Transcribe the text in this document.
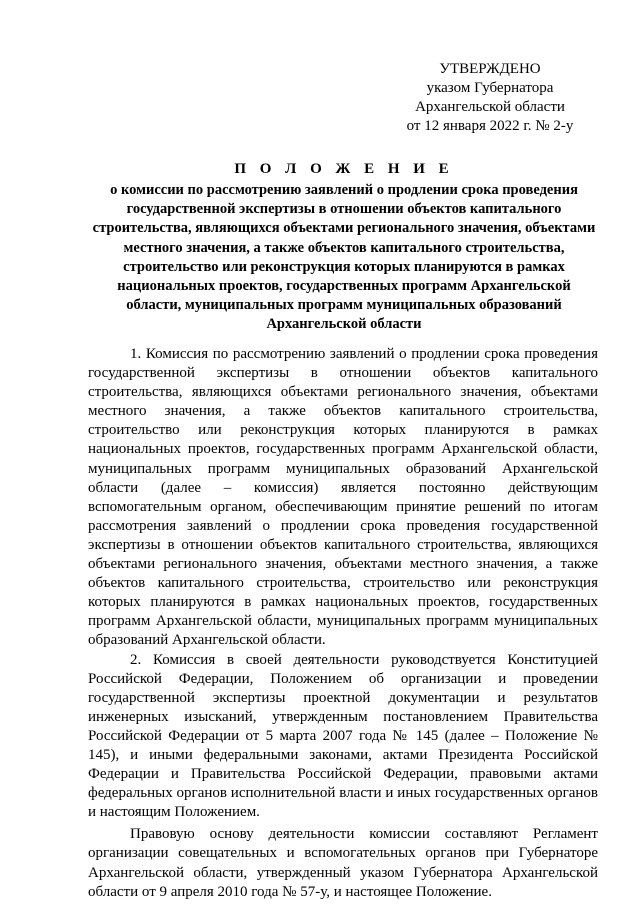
УТВЕРЖДЕНО
указом Губернатора
Архангельской области
от 12 января 2022 г. № 2-у
П О Л О Ж Е Н И Е
о комиссии по рассмотрению заявлений о продлении срока проведения государственной экспертизы в отношении объектов капитального строительства, являющихся объектами регионального значения, объектами местного значения, а также объектов капитального строительства, строительство или реконструкция которых планируются в рамках национальных проектов, государственных программ Архангельской области, муниципальных программ муниципальных образований Архангельской области

1. Комиссия по рассмотрению заявлений о продлении срока проведения государственной экспертизы в отношении объектов капитального строительства, являющихся объектами регионального значения, объектами местного значения, а также объектов капитального строительства, строительство или реконструкция которых планируются в рамках национальных проектов, государственных программ Архангельской области, муниципальных программ муниципальных образований Архангельской области (далее – комиссия) является постоянно действующим вспомогательным органом, обеспечивающим принятие решений по итогам рассмотрения заявлений о продлении срока проведения государственной экспертизы в отношении объектов капитального строительства, являющихся объектами регионального значения, объектами местного значения, а также объектов капитального строительства, строительство или реконструкция которых планируются в рамках национальных проектов, государственных программ Архангельской области, муниципальных программ муниципальных образований Архангельской области.

2. Комиссия в своей деятельности руководствуется Конституцией Российской Федерации, Положением об организации и проведении государственной экспертизы проектной документации и результатов инженерных изысканий, утвержденным постановлением Правительства Российской Федерации от 5 марта 2007 года № 145 (далее – Положение № 145), и иными федеральными законами, актами Президента Российской Федерации и Правительства Российской Федерации, правовыми актами федеральных органов исполнительной власти и иных государственных органов и настоящим Положением.

Правовую основу деятельности комиссии составляют Регламент организации совещательных и вспомогательных органов при Губернаторе Архангельской области, утвержденный указом Губернатора Архангельской области от 9 апреля 2010 года № 57-у, и настоящее Положение.
